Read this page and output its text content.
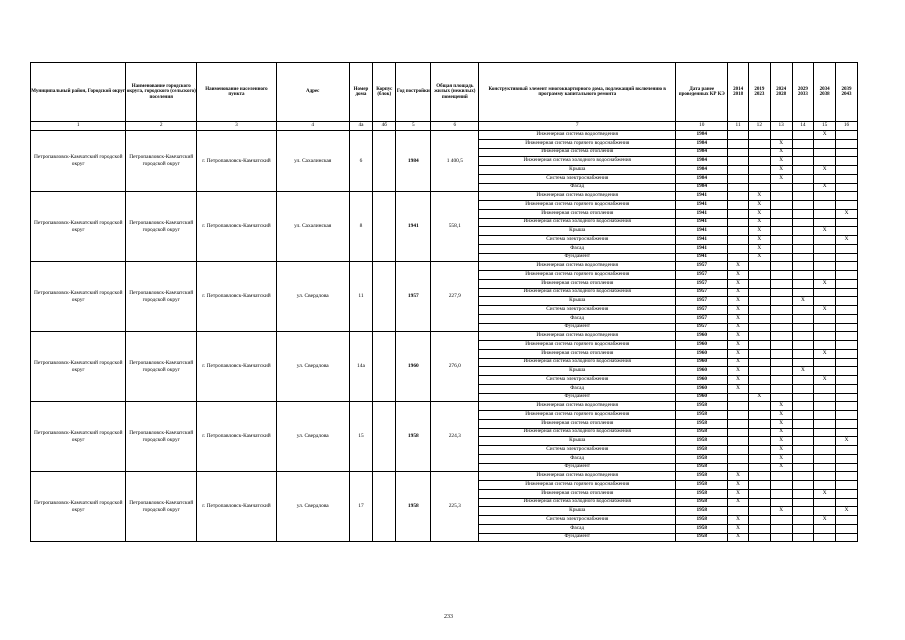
Муниципальный район, Городской округ	Наименование городского округа, городского (сельского) поселения	Наименование населенного пункта	Адрес	Номер дома	Корпус (блок)	Год постройки	Общая площадь жилых (нежилых) помещений	Конструктивный элемент многоквартирного дома, подлежащий включению в программу капитального ремонта	Дата ранее проведенных КР КЭ	2014 2018	2019 2023	2024 2028	2029 2033	2034 2038	2039 2043
1	2	3	4	4а	4б	5	6	7	10	11	12	13	14	15	16
Петропавловск-Камчатский городской округ	Петропавловск-Камчатский городской округ	г. Петропавловск-Камчатский	ул. Сахалинская	6		1984	1 400,5	Инженерная система водоотведения	1984					X	
								Инженерная система горячего водоснабжения	1984			X			
								Инженерная система отопления	1984			X			
								Инженерная система холодного водоснабжения	1984			X			
								Крыша	1984			X		X	
								Система электроснабжения	1984			X			
								Фасад	1984					X	
Петропавловск-Камчатский городской округ	Петропавловск-Камчатский городской округ	г. Петропавловск-Камчатский	ул. Сахалинская	8		1941	558,1	Инженерная система водоотведения	1941		X				
								Инженерная система горячего водоснабжения	1941		X				
								Инженерная система отопления	1941		X				X
								Инженерная система холодного водоснабжения	1941		X				
								Крыша	1941		X			X	
								Система электроснабжения	1941		X				X
								Фасад	1941		X				
								Фундамент	1941		X				
Петропавловск-Камчатский городской округ	Петропавловск-Камчатский городской округ	г. Петропавловск-Камчатский	ул. Свердлова	11		1957	227,9	Инженерная система водоотведения	1957	X					
								Инженерная система горячего водоснабжения	1957	X					
								Инженерная система отопления	1957	X				X	
								Инженерная система холодного водоснабжения	1957	X					
								Крыша	1957	X			X		
								Система электроснабжения	1957	X				X	
								Фасад	1957	X					
								Фундамент	1957	X					
Петропавловск-Камчатский городской округ	Петропавловск-Камчатский городской округ	г. Петропавловск-Камчатский	ул. Свердлова	14а		1960	276,0	Инженерная система водоотведения	1960	X					
								Инженерная система горячего водоснабжения	1960	X					
								Инженерная система отопления	1960	X				X	
								Инженерная система холодного водоснабжения	1960	X					
								Крыша	1960	X			X		
								Система электроснабжения	1960	X				X	
								Фасад	1960	X					
								Фундамент	1960		X				
Петропавловск-Камчатский городской округ	Петропавловск-Камчатский городской округ	г. Петропавловск-Камчатский	ул. Свердлова	15		1958	224,3	Инженерная система водоотведения	1958			X			
								Инженерная система горячего водоснабжения	1958			X			
								Инженерная система отопления	1958			X			
								Инженерная система холодного водоснабжения	1958			X			
								Крыша	1958			X			X
								Система электроснабжения	1958			X			
								Фасад	1958			X			
								Фундамент	1958			X			
Петропавловск-Камчатский городской округ	Петропавловск-Камчатский городской округ	г. Петропавловск-Камчатский	ул. Свердлова	17		1958	225,3	Инженерная система водоотведения	1958	X					
								Инженерная система горячего водоснабжения	1958	X					
								Инженерная система отопления	1958	X				X	
								Инженерная система холодного водоснабжения	1958	X					
								Крыша	1958			X			X
								Система электроснабжения	1958	X				X	
								Фасад	1958	X					
								Фундамент	1958	X					
233
